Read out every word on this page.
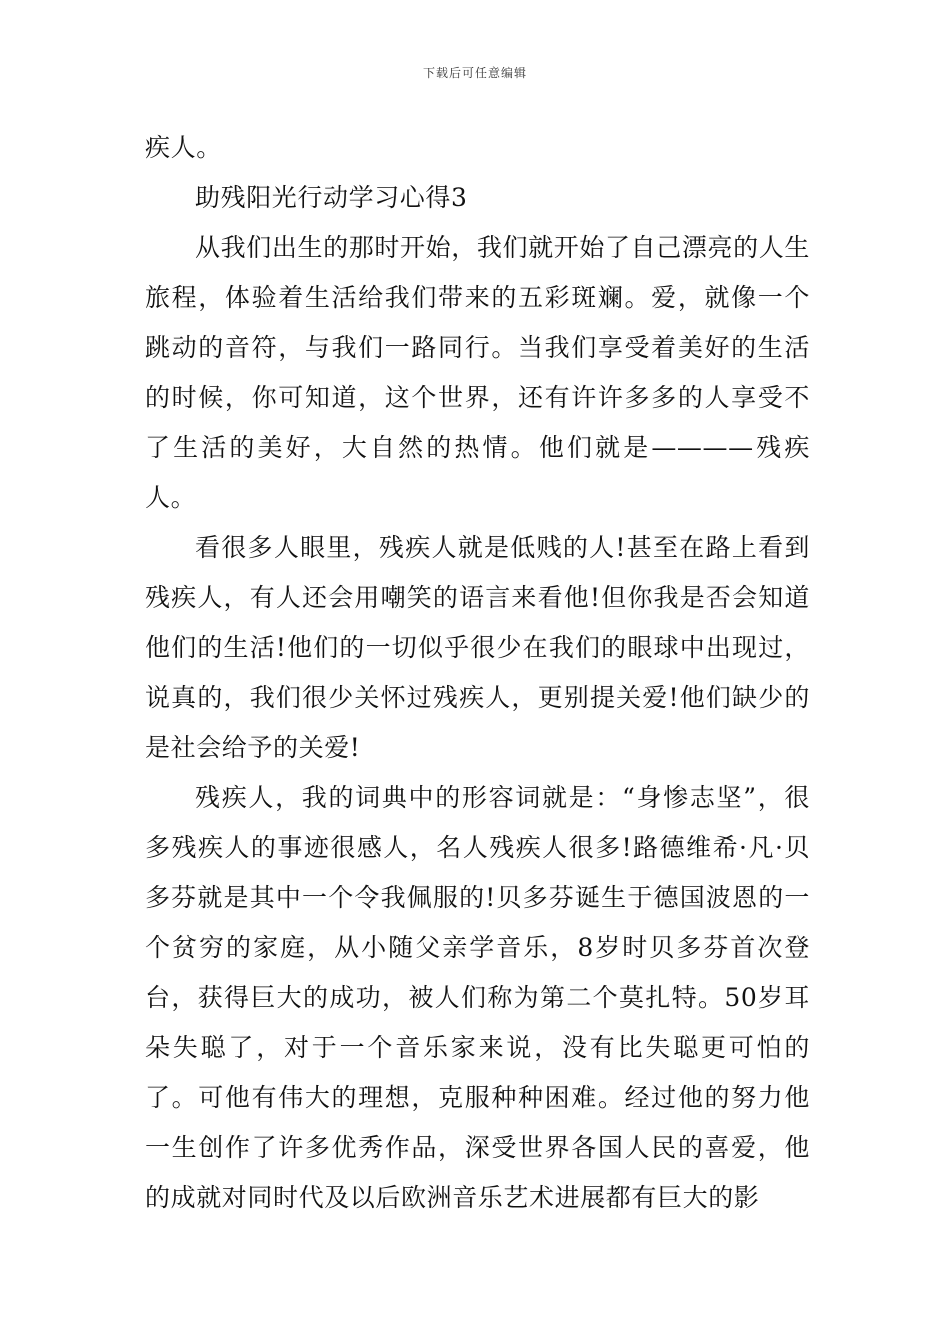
下载后可任意编辑

疾人。

助残阳光行动学习心得3

从我们出生的那时开始，我们就开始了自己漂亮的人生旅程，体验着生活给我们带来的五彩斑斓。爱，就像一个跳动的音符，与我们一路同行。当我们享受着美好的生活的时候，你可知道，这个世界，还有许许多多的人享受不了生活的美好，大自然的热情。他们就是————残疾人。

看很多人眼里，残疾人就是低贱的人!甚至在路上看到残疾人，有人还会用嘲笑的语言来看他!但你我是否会知道他们的生活!他们的一切似乎很少在我们的眼球中出现过，说真的，我们很少关怀过残疾人，更别提关爱!他们缺少的是社会给予的关爱!

残疾人，我的词典中的形容词就是：“身惨志坚”，很多残疾人的事迹很感人，名人残疾人很多!路德维希·凡·贝多芬就是其中一个令我佩服的!贝多芬诞生于德国波恩的一个贫穷的家庭，从小随父亲学音乐，8岁时贝多芬首次登台，获得巨大的成功，被人们称为第二个莫扎特。50岁耳朵失聪了，对于一个音乐家来说，没有比失聪更可怕的了。可他有伟大的理想，克服种种困难。经过他的努力他一生创作了许多优秀作品，深受世界各国人民的喜爱，他的成就对同时代及以后欧洲音乐艺术进展都有巨大的影
